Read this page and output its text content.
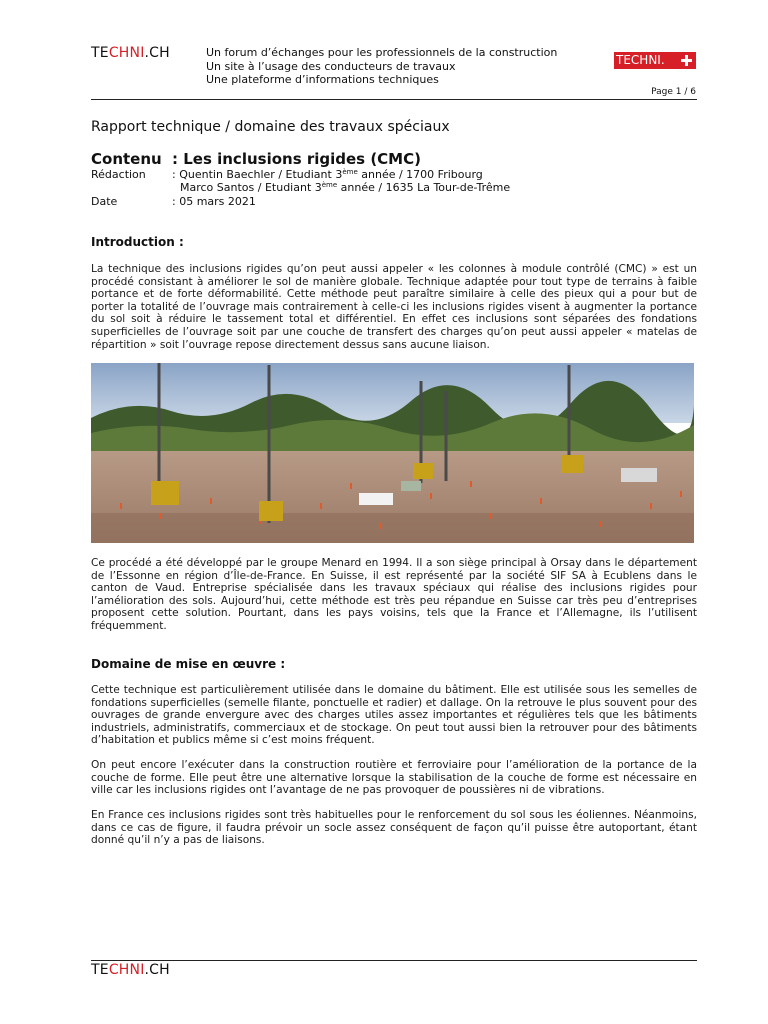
TECHNI.CH	Un forum d’échanges pour les professionnels de la construction
Un site à l’usage des conducteurs de travaux
Une plateforme d’informations techniques
TECHNI.
Page 1 / 6
Rapport technique / domaine des travaux spéciaux
Contenu : Les inclusions rigides (CMC)
Rédaction : Quentin Baechler / Etudiant 3ème année / 1700 Fribourg
Marco Santos / Etudiant 3ème année / 1635 La Tour-de-Trême
Date	: 05 mars 2021
Introduction :

La technique des inclusions rigides qu’on peut aussi appeler « les colonnes à module contrôlé (CMC) » est un procédé consistant à améliorer le sol de manière globale. Technique adaptée pour tout type de terrains à faible portance et de forte déformabilité. Cette méthode peut paraître similaire à celle des pieux qui a pour but de porter la totalité de l’ouvrage mais contrairement à celle-ci les inclusions rigides visent à augmenter la portance du sol soit à réduire le tassement total et différentiel. En effet ces inclusions sont séparées des fondations superficielles de l’ouvrage soit par une couche de transfert des charges qu’on peut aussi appeler « matelas de répartition » soit l’ouvrage repose directement dessus sans aucune liaison.

Ce procédé a été développé par le groupe Menard en 1994. Il a son siège principal à Orsay dans le département de l’Essonne en région d’Île-de-France. En Suisse, il est représenté par la société SIF SA à Ecublens dans le canton de Vaud. Entreprise spécialisée dans les travaux spéciaux qui réalise des inclusions rigides pour l’amélioration des sols. Aujourd’hui, cette méthode est très peu répandue en Suisse car très peu d’entreprises proposent cette solution. Pourtant, dans les pays voisins, tels que la France et l’Allemagne, ils l’utilisent fréquemment.

Domaine de mise en œuvre :

Cette technique est particulièrement utilisée dans le domaine du bâtiment. Elle est utilisée sous les semelles de fondations superficielles (semelle filante, ponctuelle et radier) et dallage. On la retrouve le plus souvent pour des ouvrages de grande envergure avec des charges utiles assez importantes et régulières tels que les bâtiments industriels, administratifs, commerciaux et de stockage. On peut tout aussi bien la retrouver pour des bâtiments d’habitation et publics même si c’est moins fréquent.

On peut encore l’exécuter dans la construction routière et ferroviaire pour l’amélioration de la portance de la couche de forme. Elle peut être une alternative lorsque la stabilisation de la couche de forme est nécessaire en ville car les inclusions rigides ont l’avantage de ne pas provoquer de poussières ni de vibrations.

En France ces inclusions rigides sont très habituelles pour le renforcement du sol sous les éoliennes. Néanmoins, dans ce cas de figure, il faudra prévoir un socle assez conséquent de façon qu’il puisse être autoportant, étant donné qu’il n’y a pas de liaisons.

TECHNI.CH
